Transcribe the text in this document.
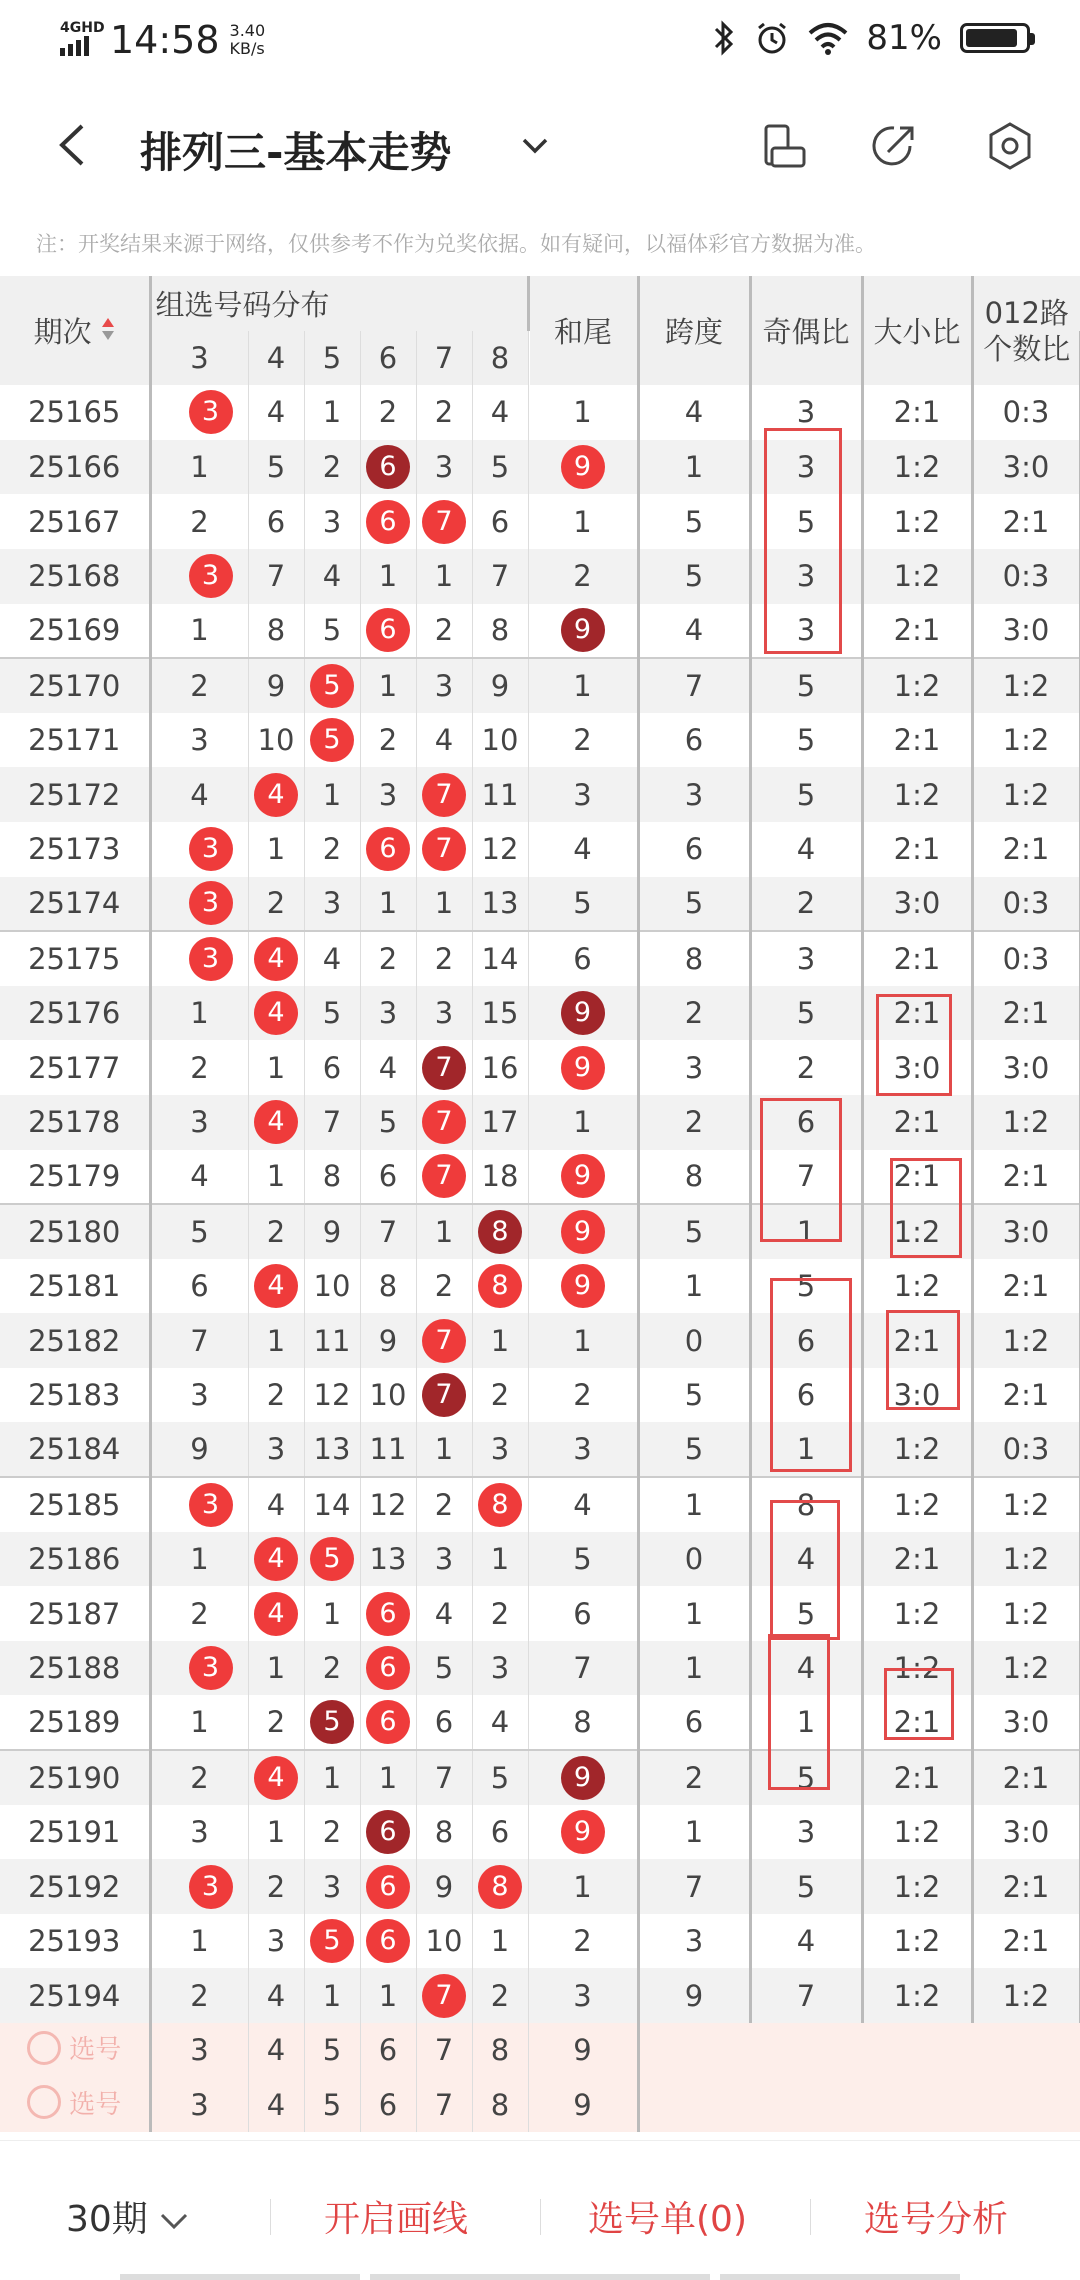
4GHD 14:58 3.40
KB/s	81%
排列三-基本走势
注：开奖结果来源于网络，仅供参考不作为兑奖依据。如有疑问，以福体彩官方数据为准。
期次	组选号码分布						和尾	跨度	奇偶比	大小比	012路
个数比	
	3	4	5	6	7	8	
25165	3	4	1	2	2	4	1	4	3	2:1	0:3	
25166	1	5	2	6	3	5	9	1	3	1:2	3:0	
25167	2	6	3	6	7	6	1	5	5	1:2	2:1	
25168	3	7	4	1	1	7	2	5	3	1:2	0:3	
25169	1	8	5	6	2	8	9	4	3	2:1	3:0	
25170	2	9	5	1	3	9	1	7	5	1:2	1:2	
25171	3	10	5	2	4	10	2	6	5	2:1	1:2	
25172	4	4	1	3	7	11	3	3	5	1:2	1:2	
25173	3	1	2	6	7	12	4	6	4	2:1	2:1	
25174	3	2	3	1	1	13	5	5	2	3:0	0:3	
25175	3	4	4	2	2	14	6	8	3	2:1	0:3	
25176	1	4	5	3	3	15	9	2	5	2:1	2:1	
25177	2	1	6	4	7	16	9	3	2	3:0	3:0	
25178	3	4	7	5	7	17	1	2	6	2:1	1:2	
25179	4	1	8	6	7	18	9	8	7	2:1	2:1	
25180	5	2	9	7	1	8	9	5	1	1:2	3:0	
25181	6	4	10	8	2	8	9	1	5	1:2	2:1	
25182	7	1	11	9	7	1	1	0	6	2:1	1:2	
25183	3	2	12	10	7	2	2	5	6	3:0	2:1	
25184	9	3	13	11	1	3	3	5	1	1:2	0:3	
25185	3	4	14	12	2	8	4	1	8	1:2	1:2	
25186	1	4	5	13	3	1	5	0	4	2:1	1:2	
25187	2	4	1	6	4	2	6	1	5	1:2	1:2	
25188	3	1	2	6	5	3	7	1	4	1:2	1:2	
25189	1	2	5	6	6	4	8	6	1	2:1	3:0	
25190	2	4	1	1	7	5	9	2	5	2:1	2:1	
25191	3	1	2	6	8	6	9	1	3	1:2	3:0	
25192	3	2	3	6	9	8	1	7	5	1:2	2:1	
25193	1	3	5	6	10	1	2	3	4	1:2	2:1	
25194	2	4	1	1	7	2	3	9	7	1:2	1:2	

选号	3	4	5	6	7	8	9					

选号	3	4	5	6	7	8	9					
30期	开启画线	选号单(0)	选号分析
